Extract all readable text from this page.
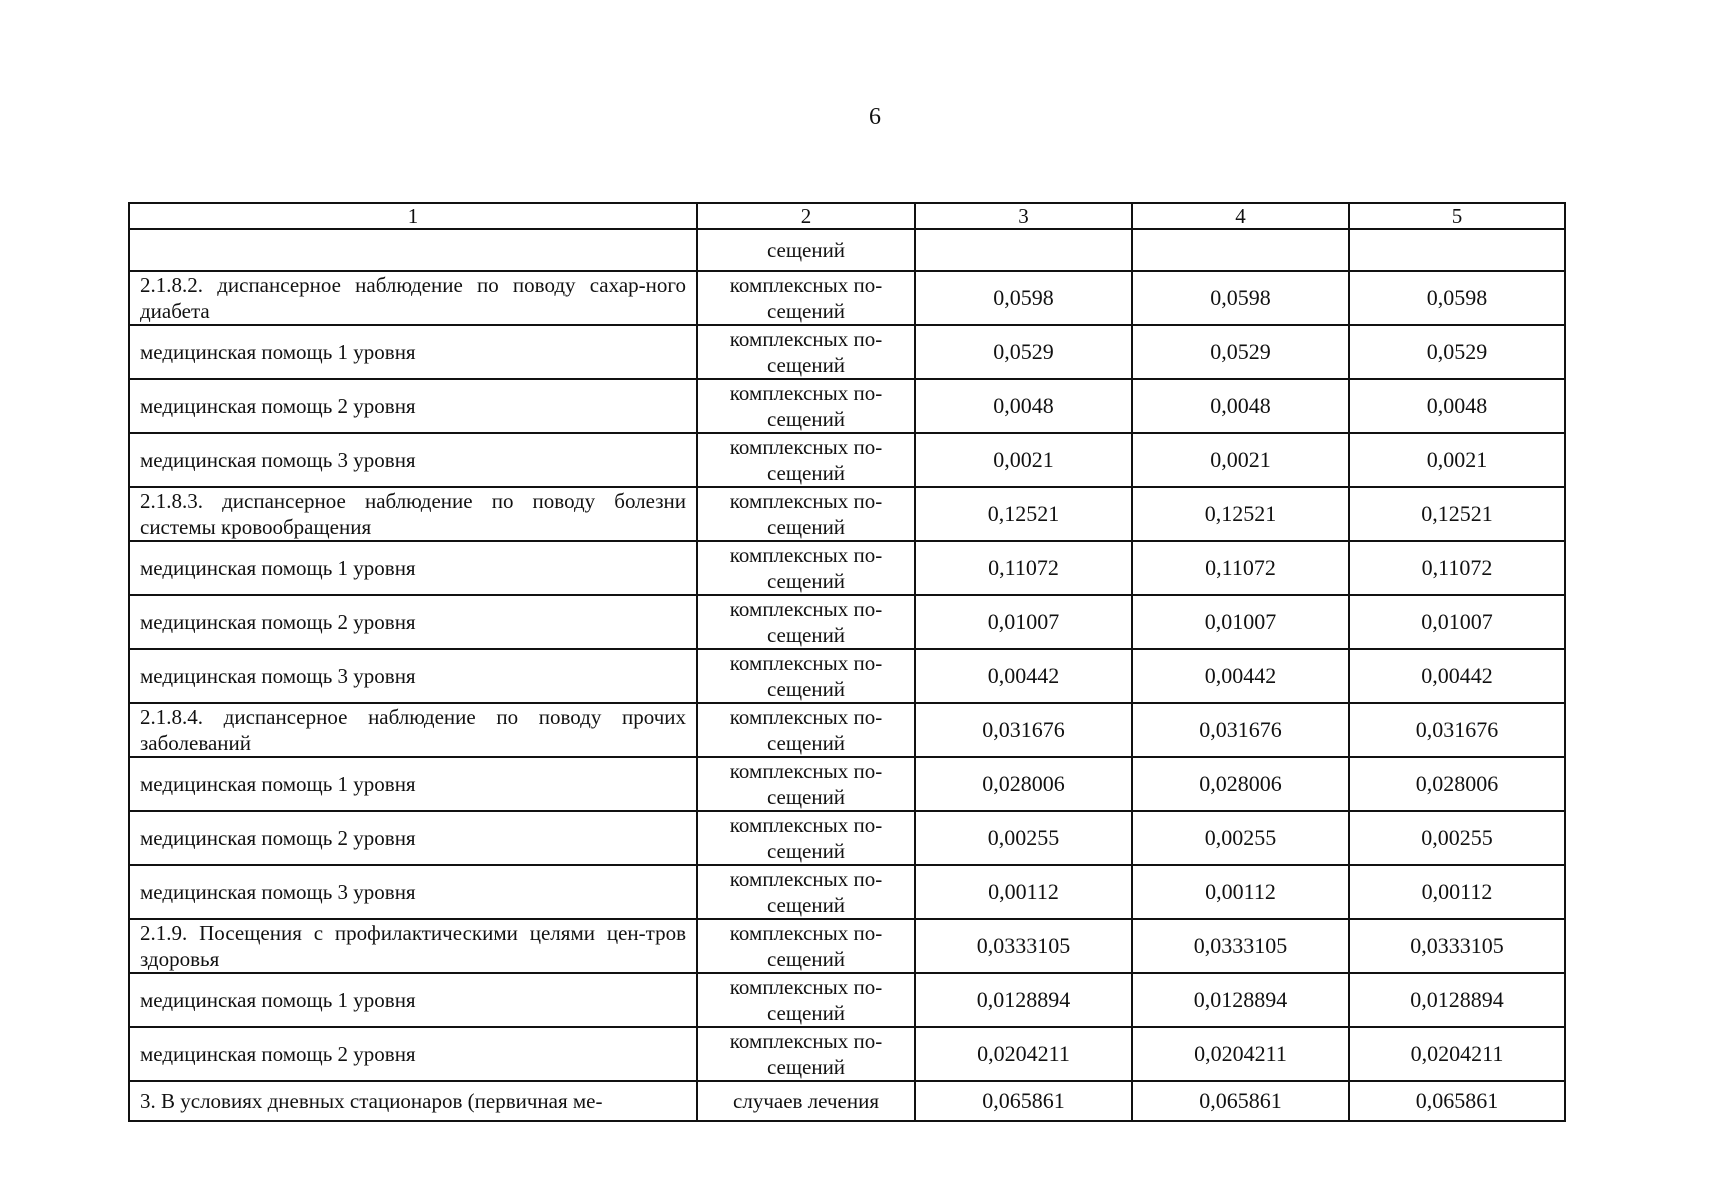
6
1	2	3	4	5
	сещений			
2.1.8.2. диспансерное наблюдение по поводу сахар-ного диабета	комплексных по-сещений	0,0598	0,0598	0,0598
медицинская помощь 1 уровня	комплексных по-сещений	0,0529	0,0529	0,0529
медицинская помощь 2 уровня	комплексных по-сещений	0,0048	0,0048	0,0048
медицинская помощь 3 уровня	комплексных по-сещений	0,0021	0,0021	0,0021
2.1.8.3. диспансерное наблюдение по поводу болезни системы кровообращения	комплексных по-сещений	0,12521	0,12521	0,12521
медицинская помощь 1 уровня	комплексных по-сещений	0,11072	0,11072	0,11072
медицинская помощь 2 уровня	комплексных по-сещений	0,01007	0,01007	0,01007
медицинская помощь 3 уровня	комплексных по-сещений	0,00442	0,00442	0,00442
2.1.8.4. диспансерное наблюдение по поводу прочих заболеваний	комплексных по-сещений	0,031676	0,031676	0,031676
медицинская помощь 1 уровня	комплексных по-сещений	0,028006	0,028006	0,028006
медицинская помощь 2 уровня	комплексных по-сещений	0,00255	0,00255	0,00255
медицинская помощь 3 уровня	комплексных по-сещений	0,00112	0,00112	0,00112
2.1.9. Посещения с профилактическими целями цен-тров здоровья	комплексных по-сещений	0,0333105	0,0333105	0,0333105
медицинская помощь 1 уровня	комплексных по-сещений	0,0128894	0,0128894	0,0128894
медицинская помощь 2 уровня	комплексных по-сещений	0,0204211	0,0204211	0,0204211
3. В условиях дневных стационаров (первичная ме-	случаев лечения	0,065861	0,065861	0,065861
